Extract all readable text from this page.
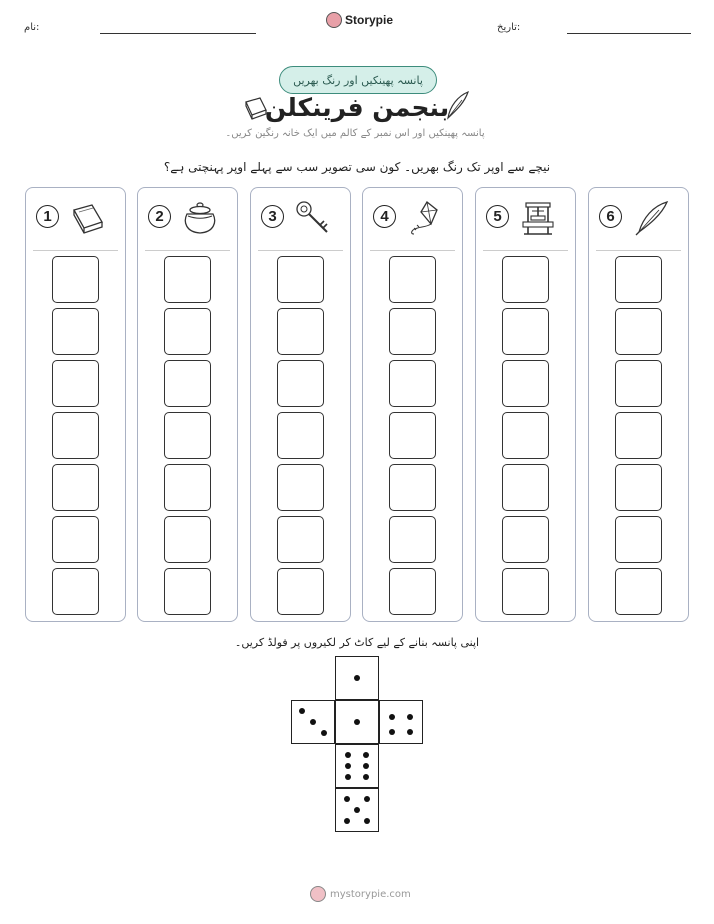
نام:
Storypie
تاریخ:
پانسہ پھینکیں اور رنگ بھریں
بنجمن فرینکلن
پانسہ پھینکیں اور اس نمبر کے کالم میں ایک خانہ رنگین کریں۔
نیچے سے اوپر تک رنگ بھریں۔ کون سی تصویر سب سے پہلے اوپر پہنچتی ہے؟
1	2	3	4	5	6
اپنی پانسہ بنانے کے لیے کاٹ کر لکیروں پر فولڈ کریں۔
mystorypie.com
